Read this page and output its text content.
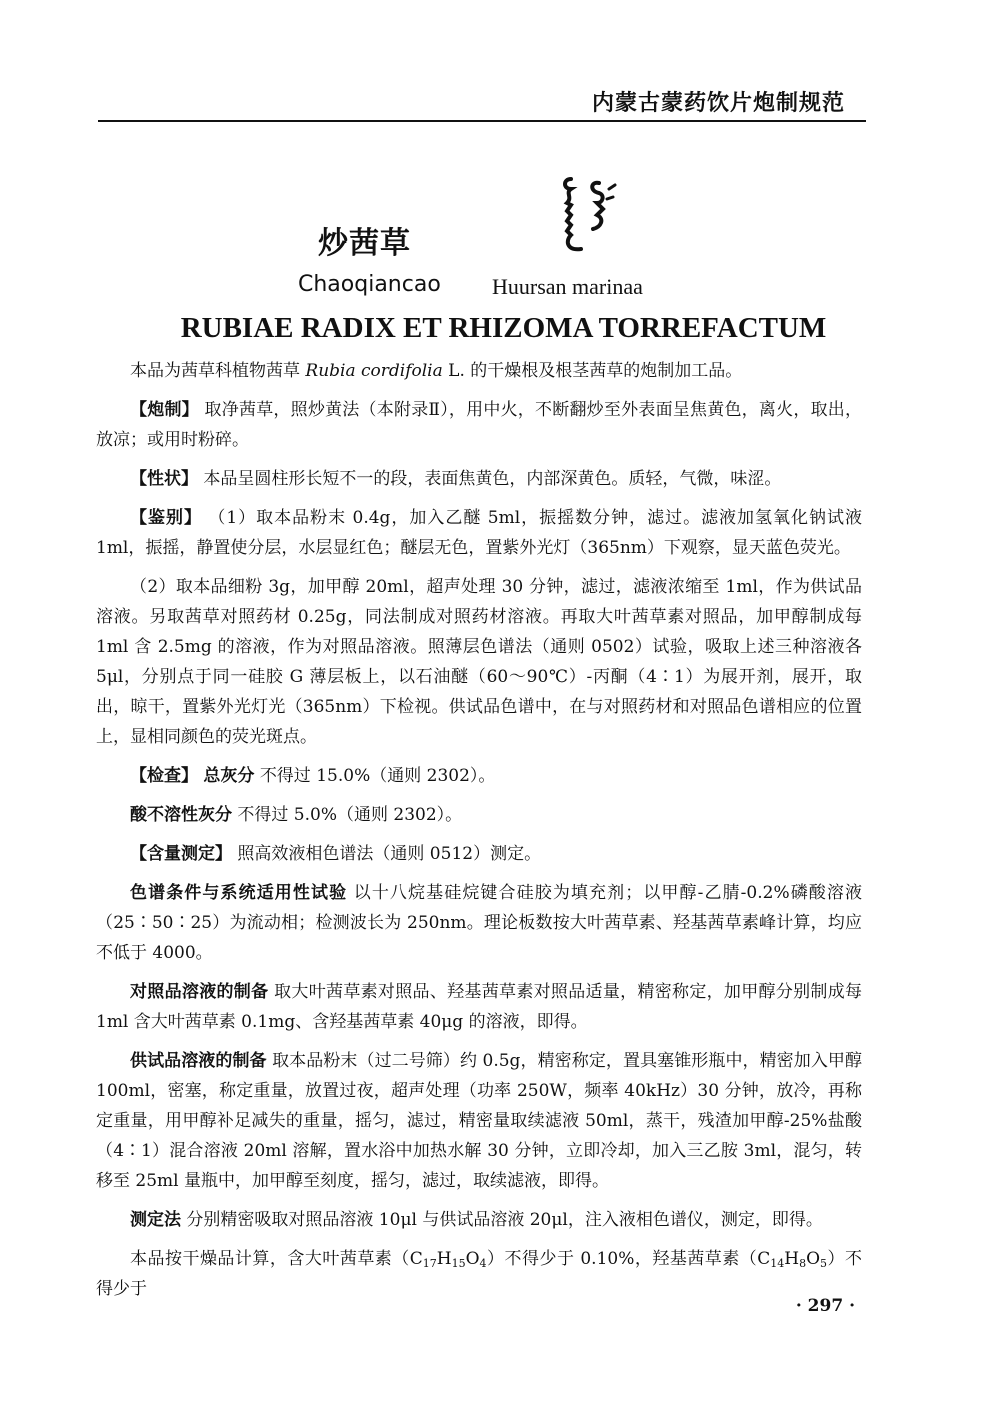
内蒙古蒙药饮片炮制规范
炒茜草
Chaoqiancao Huursan marinaa
RUBIAE RADIX ET RHIZOMA TORREFACTUM

本品为茜草科植物茜草 Rubia cordifolia L. 的干燥根及根茎茜草的炮制加工品。

【炮制】 取净茜草，照炒黄法（本附录Ⅱ），用中火，不断翻炒至外表面呈焦黄色，离火，取出，放凉；或用时粉碎。

【性状】 本品呈圆柱形长短不一的段，表面焦黄色，内部深黄色。质轻，气微，味涩。

【鉴别】 （1）取本品粉末 0.4g，加入乙醚 5ml，振摇数分钟，滤过。滤液加氢氧化钠试液 1ml，振摇，静置使分层，水层显红色；醚层无色，置紫外光灯（365nm）下观察，显天蓝色荧光。

（2）取本品细粉 3g，加甲醇 20ml，超声处理 30 分钟，滤过，滤液浓缩至 1ml，作为供试品溶液。另取茜草对照药材 0.25g，同法制成对照药材溶液。再取大叶茜草素对照品，加甲醇制成每 1ml 含 2.5mg 的溶液，作为对照品溶液。照薄层色谱法（通则 0502）试验，吸取上述三种溶液各 5μl，分别点于同一硅胶 G 薄层板上，以石油醚（60～90℃）-丙酮（4∶1）为展开剂，展开，取出，晾干，置紫外光灯光（365nm）下检视。供试品色谱中，在与对照药材和对照品色谱相应的位置上，显相同颜色的荧光斑点。

【检查】 总灰分 不得过 15.0%（通则 2302）。

酸不溶性灰分 不得过 5.0%（通则 2302）。

【含量测定】 照高效液相色谱法（通则 0512）测定。

色谱条件与系统适用性试验 以十八烷基硅烷键合硅胶为填充剂；以甲醇-乙腈-0.2%磷酸溶液（25∶50∶25）为流动相；检测波长为 250nm。理论板数按大叶茜草素、羟基茜草素峰计算，均应不低于 4000。

对照品溶液的制备 取大叶茜草素对照品、羟基茜草素对照品适量，精密称定，加甲醇分别制成每 1ml 含大叶茜草素 0.1mg、含羟基茜草素 40μg 的溶液，即得。

供试品溶液的制备 取本品粉末（过二号筛）约 0.5g，精密称定，置具塞锥形瓶中，精密加入甲醇 100ml，密塞，称定重量，放置过夜，超声处理（功率 250W，频率 40kHz）30 分钟，放冷，再称定重量，用甲醇补足减失的重量，摇匀，滤过，精密量取续滤液 50ml，蒸干，残渣加甲醇-25%盐酸（4∶1）混合溶液 20ml 溶解，置水浴中加热水解 30 分钟，立即冷却，加入三乙胺 3ml，混匀，转移至 25ml 量瓶中，加甲醇至刻度，摇匀，滤过，取续滤液，即得。

测定法 分别精密吸取对照品溶液 10μl 与供试品溶液 20μl，注入液相色谱仪，测定，即得。

本品按干燥品计算，含大叶茜草素$(C_{17}H_{15}O_4)$不得少于 0.10%，羟基茜草素$(C_{14}H_8O_5)$不得少于

· 297 ·
